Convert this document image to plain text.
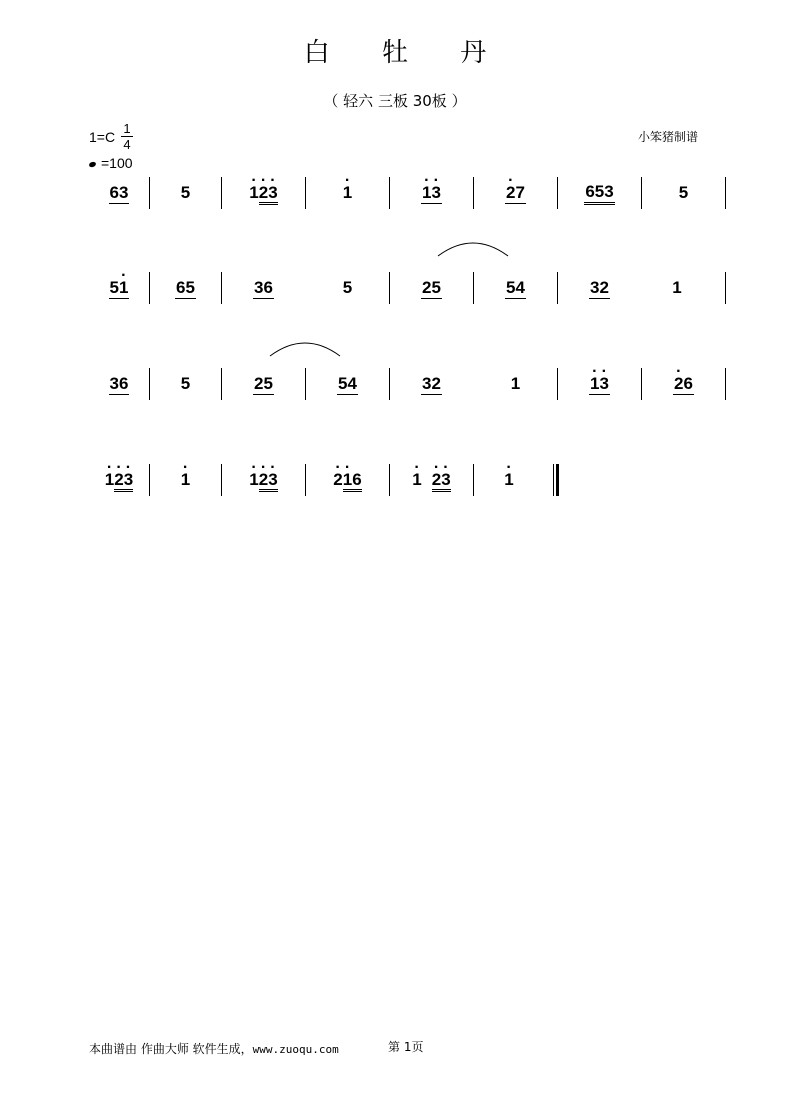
白 牡 丹
（ 轻六 三板 30板 ）
$1=C \frac{1}{4}$
=100
小笨猪制谱
63	5	· 1· 2· 3	· 1	· 1· 3	· 27	653	5
5· 1	65	36	5	25	54	32	1
36	5	25	54	32	1	· 1· 3	· 26
· 1· 2· 3	· 1	· 1· 2· 3	· 2· 16	· 1 · 2· 3	· 1
第 1页
本曲谱由 作曲大师 软件生成，www.zuoqu.com
